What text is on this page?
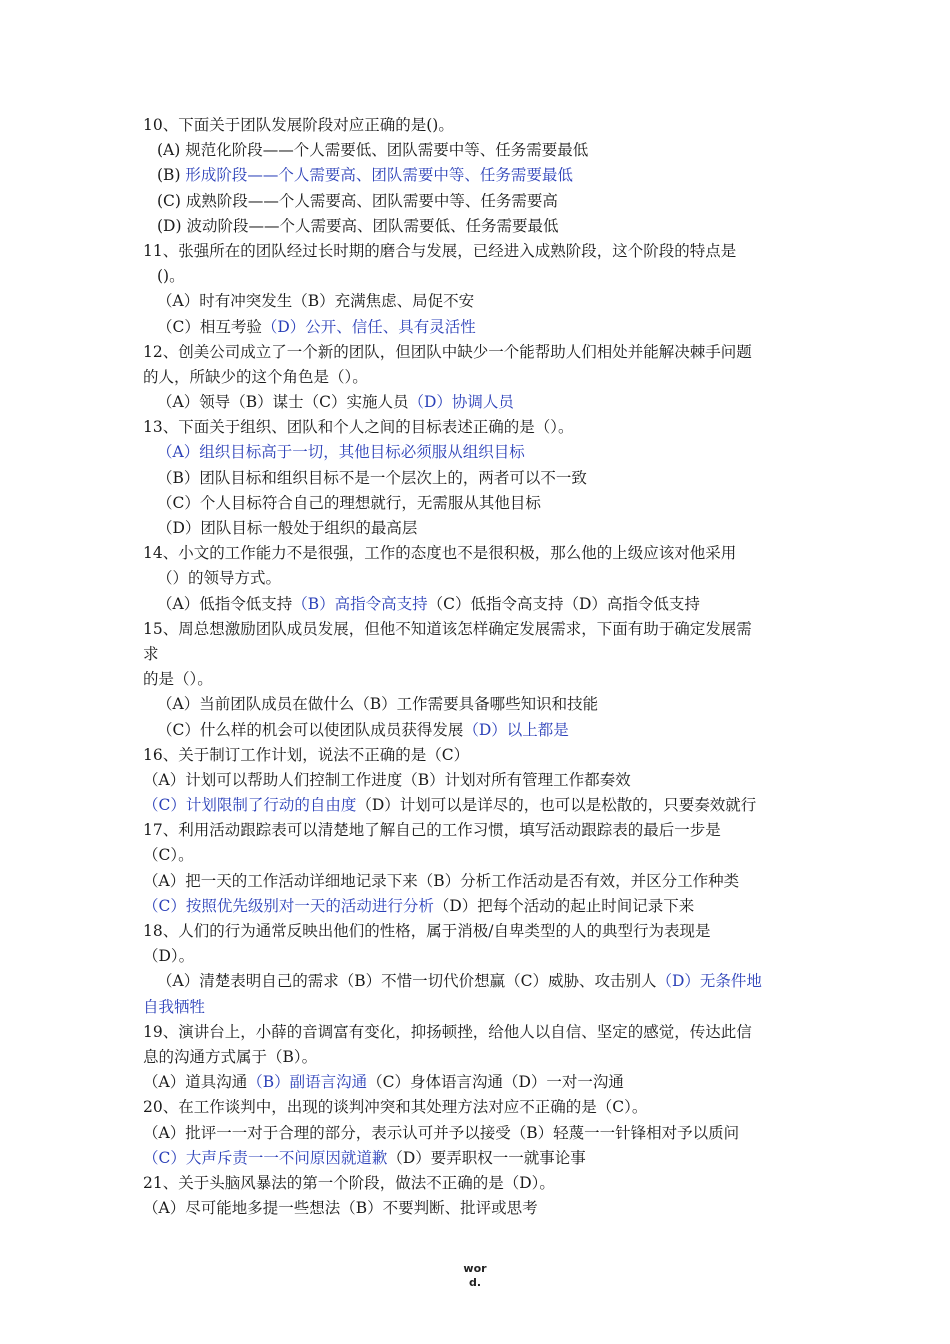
10、下面关于团队发展阶段对应正确的是()。
(A) 规范化阶段——个人需要低、团队需要中等、任务需要最低
(B) 形成阶段——个人需要高、团队需要中等、任务需要最低
(C) 成熟阶段——个人需要高、团队需要中等、任务需要高
(D) 波动阶段——个人需要高、团队需要低、任务需要最低
11、张强所在的团队经过长时期的磨合与发展，已经进入成熟阶段，这个阶段的特点是
()。
（A）时有冲突发生（B）充满焦虑、局促不安
（C）相互考验（D）公开、信任、具有灵活性
12、创美公司成立了一个新的团队，但团队中缺少一个能帮助人们相处并能解决棘手问题
的人，所缺少的这个角色是（）。
（A）领导（B）谋士（C）实施人员（D）协调人员
13、下面关于组织、团队和个人之间的目标表述正确的是（）。
（A）组织目标高于一切，其他目标必须服从组织目标
（B）团队目标和组织目标不是一个层次上的，两者可以不一致
（C）个人目标符合自己的理想就行，无需服从其他目标
（D）团队目标一般处于组织的最高层
14、小文的工作能力不是很强，工作的态度也不是很积极，那么他的上级应该对他采用
（）的领导方式。
（A）低指令低支持（B）高指令高支持（C）低指令高支持（D）高指令低支持
15、周总想激励团队成员发展，但他不知道该怎样确定发展需求，下面有助于确定发展需
求
的是（）。
（A）当前团队成员在做什么（B）工作需要具备哪些知识和技能
（C）什么样的机会可以使团队成员获得发展（D）以上都是
16、关于制订工作计划，说法不正确的是（C）
（A）计划可以帮助人们控制工作进度（B）计划对所有管理工作都奏效
（C）计划限制了行动的自由度（D）计划可以是详尽的，也可以是松散的，只要奏效就行
17、利用活动跟踪表可以清楚地了解自己的工作习惯，填写活动跟踪表的最后一步是
（C）。
（A）把一天的工作活动详细地记录下来（B）分析工作活动是否有效，并区分工作种类
（C）按照优先级别对一天的活动进行分析（D）把每个活动的起止时间记录下来
18、人们的行为通常反映出他们的性格，属于消极/自卑类型的人的典型行为表现是
（D）。
（A）清楚表明自己的需求（B）不惜一切代价想赢（C）威胁、攻击别人（D）无条件地
自我牺牲
19、演讲台上，小薛的音调富有变化，抑扬顿挫，给他人以自信、坚定的感觉，传达此信
息的沟通方式属于（B）。
（A）道具沟通（B）副语言沟通（C）身体语言沟通（D）一对一沟通
20、在工作谈判中，出现的谈判冲突和其处理方法对应不正确的是（C）。
（A）批评一一对于合理的部分，表示认可并予以接受（B）轻蔑一一针锋相对予以质问
（C）大声斥责一一不问原因就道歉（D）要弄职权一一就事论事
21、关于头脑风暴法的第一个阶段，做法不正确的是（D）。
（A）尽可能地多提一些想法（B）不要判断、批评或思考
wor
d.
